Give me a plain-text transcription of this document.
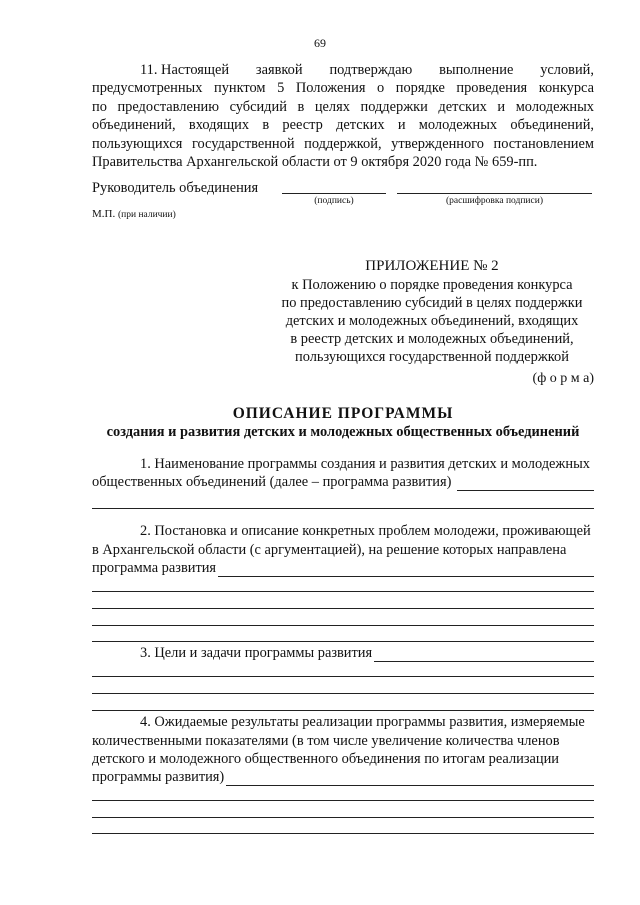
69
11. Настоящей заявкой подтверждаю выполнение условий,
предусмотренных пунктом 5 Положения о порядке проведения конкурса
по предоставлению субсидий в целях поддержки детских и молодежных
объединений, входящих в реестр детских и молодежных объединений,
пользующихся государственной поддержкой, утвержденного постановлением
Правительства Архангельской области от 9 октября 2020 года № 659-пп.
Руководитель объединения
(подпись)	(расшифровка подписи)
М.П. (при наличии)
ПРИЛОЖЕНИЕ № 2
к Положению о порядке проведения конкурса
по предоставлению субсидий в целях поддержки
детских и молодежных объединений, входящих
в реестр детских и молодежных объединений,
пользующихся государственной поддержкой
(ф о р м а)
ОПИСАНИЕ ПРОГРАММЫ
создания и развития детских и молодежных общественных объединений
1. Наименование программы создания и развития детских и молодежных
общественных объединений (далее – программа развития)
2. Постановка и описание конкретных проблем молодежи, проживающей
в Архангельской области (с аргументацией), на решение которых направлена
программа развития
3. Цели и задачи программы развития
4. Ожидаемые результаты реализации программы развития, измеряемые
количественными показателями (в том числе увеличение количества членов
детского и молодежного общественного объединения по итогам реализации
программы развития)
